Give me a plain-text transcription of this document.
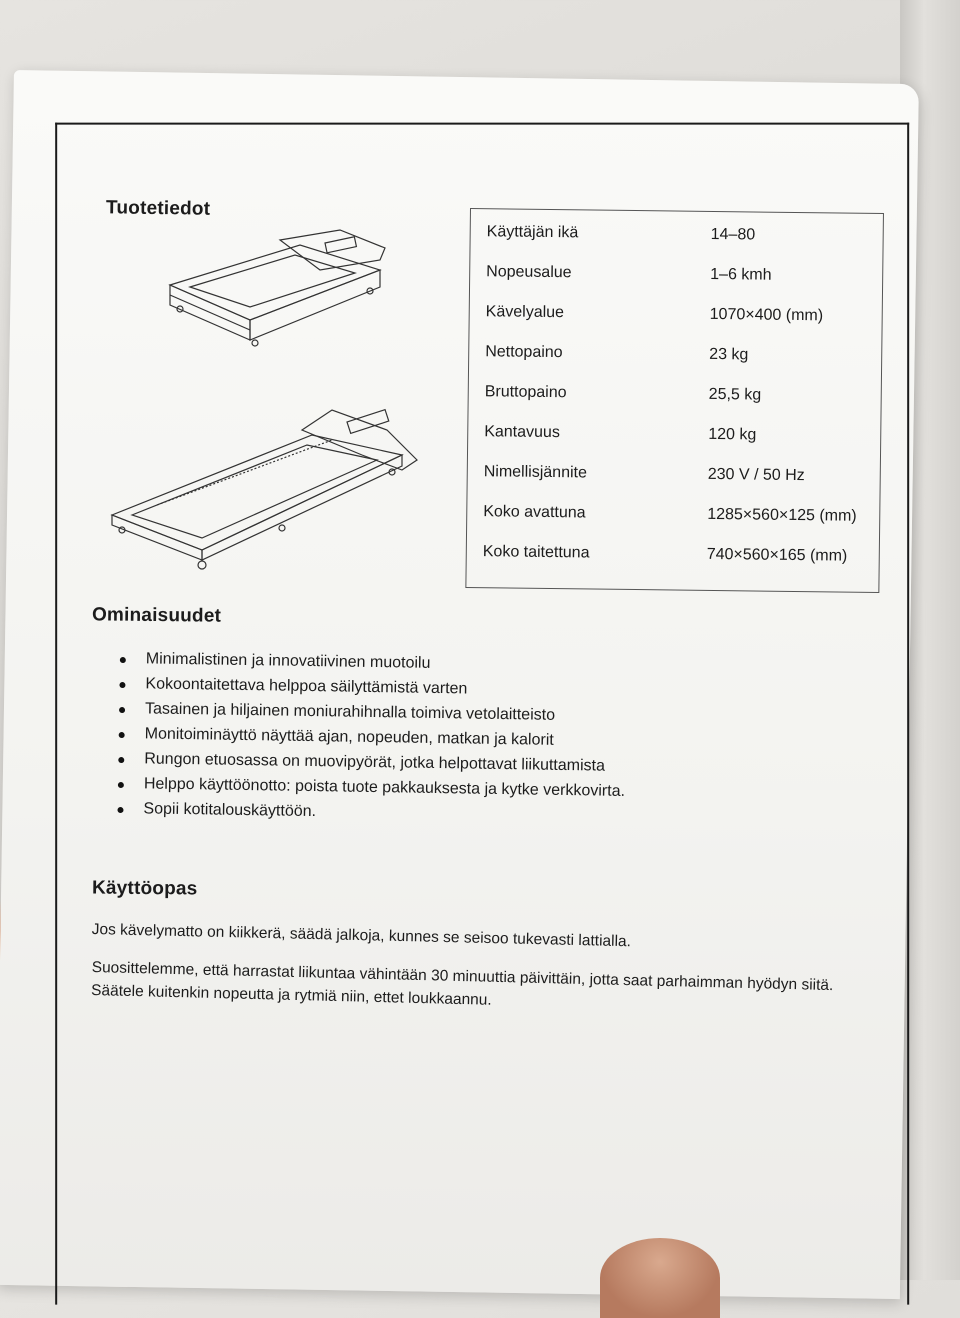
Tuotetiedot
Käyttäjän ikä	14–80
Nopeusalue	1–6 kmh
Kävelyalue	1070×400 (mm)
Nettopaino	23 kg
Bruttopaino	25,5 kg
Kantavuus	120 kg
Nimellisjännite	230 V / 50 Hz
Koko avattuna	1285×560×125 (mm)
Koko taitettuna	740×560×165 (mm)
Ominaisuudet
Minimalistinen ja innovatiivinen muotoilu
Kokoontaitettava helppoa säilyttämistä varten
Tasainen ja hiljainen moniurahihnalla toimiva vetolaitteisto
Monitoiminäyttö näyttää ajan, nopeuden, matkan ja kalorit
Rungon etuosassa on muovipyörät, jotka helpottavat liikuttamista
Helppo käyttöönotto: poista tuote pakkauksesta ja kytke verkkovirta.
Sopii kotitalouskäyttöön.
Käyttöopas
Jos kävelymatto on kiikkerä, säädä jalkoja, kunnes se seisoo tukevasti lattialla.
Suosittelemme, että harrastat liikuntaa vähintään 30 minuuttia päivittäin, jotta saat parhaimman hyödyn siitä. Säätele kuitenkin nopeutta ja rytmiä niin, ettet loukkaannu.
